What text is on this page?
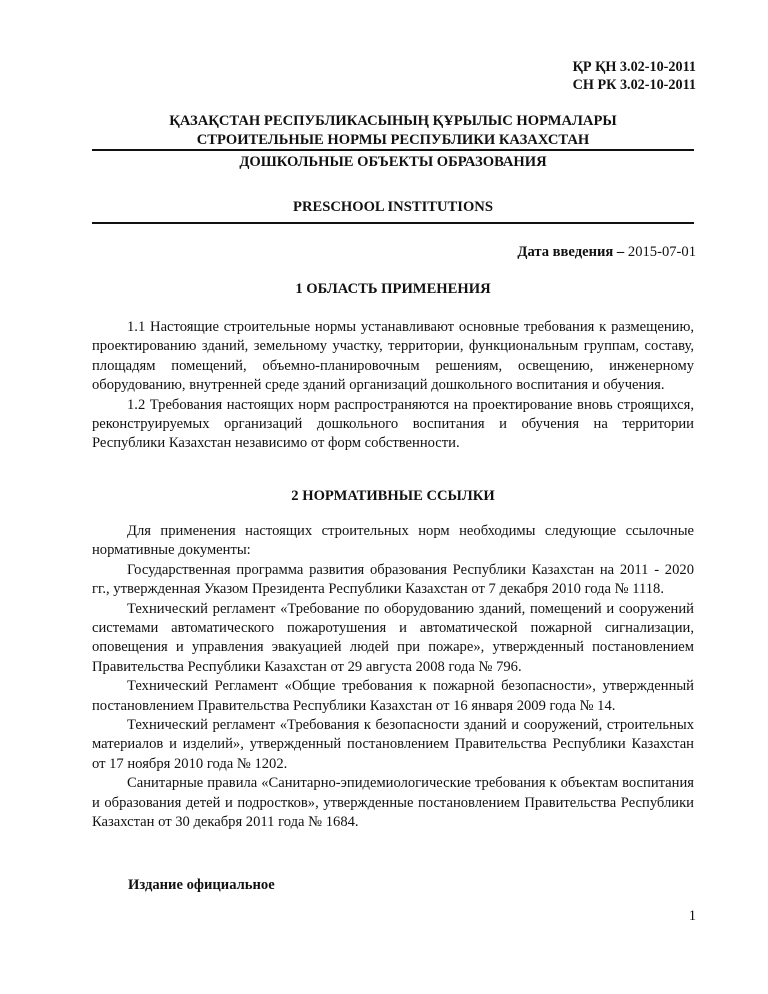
ҚР ҚН 3.02-10-2011
СН РК 3.02-10-2011
ҚАЗАҚСТАН РЕСПУБЛИКАСЫНЫҢ ҚҰРЫЛЫС НОРМАЛАРЫ
СТРОИТЕЛЬНЫЕ НОРМЫ РЕСПУБЛИКИ КАЗАХСТАН
ДОШКОЛЬНЫЕ ОБЪЕКТЫ ОБРАЗОВАНИЯ
PRESCHOOL INSTITUTIONS
Дата введения – 2015-07-01
1 ОБЛАСТЬ ПРИМЕНЕНИЯ

1.1 Настоящие строительные нормы устанавливают основные требования к размещению, проектированию зданий, земельному участку, территории, функциональным группам, составу, площадям помещений, объемно-планировочным решениям, освещению, инженерному оборудованию, внутренней среде зданий организаций дошкольного воспитания и обучения.

1.2 Требования настоящих норм распространяются на проектирование вновь строящихся, реконструируемых организаций дошкольного воспитания и обучения на территории Республики Казахстан независимо от форм собственности.

2 НОРМАТИВНЫЕ ССЫЛКИ

Для применения настоящих строительных норм необходимы следующие ссылочные нормативные документы:

Государственная программа развития образования Республики Казахстан на 2011 - 2020 гг., утвержденная Указом Президента Республики Казахстан от 7 декабря 2010 года № 1118.

Технический регламент «Требование по оборудованию зданий, помещений и сооружений системами автоматического пожаротушения и автоматической пожарной сигнализации, оповещения и управления эвакуацией людей при пожаре», утвержденный постановлением Правительства Республики Казахстан от 29 августа 2008 года № 796.

Технический Регламент «Общие требования к пожарной безопасности», утвержденный постановлением Правительства Республики Казахстан от 16 января 2009 года № 14.

Технический регламент «Требования к безопасности зданий и сооружений, строительных материалов и изделий», утвержденный постановлением Правительства Республики Казахстан от 17 ноября 2010 года № 1202.

Санитарные правила «Санитарно-эпидемиологические требования к объектам воспитания и образования детей и подростков», утвержденные постановлением Правительства Республики Казахстан от 30 декабря 2011 года № 1684.

Издание официальное
1
